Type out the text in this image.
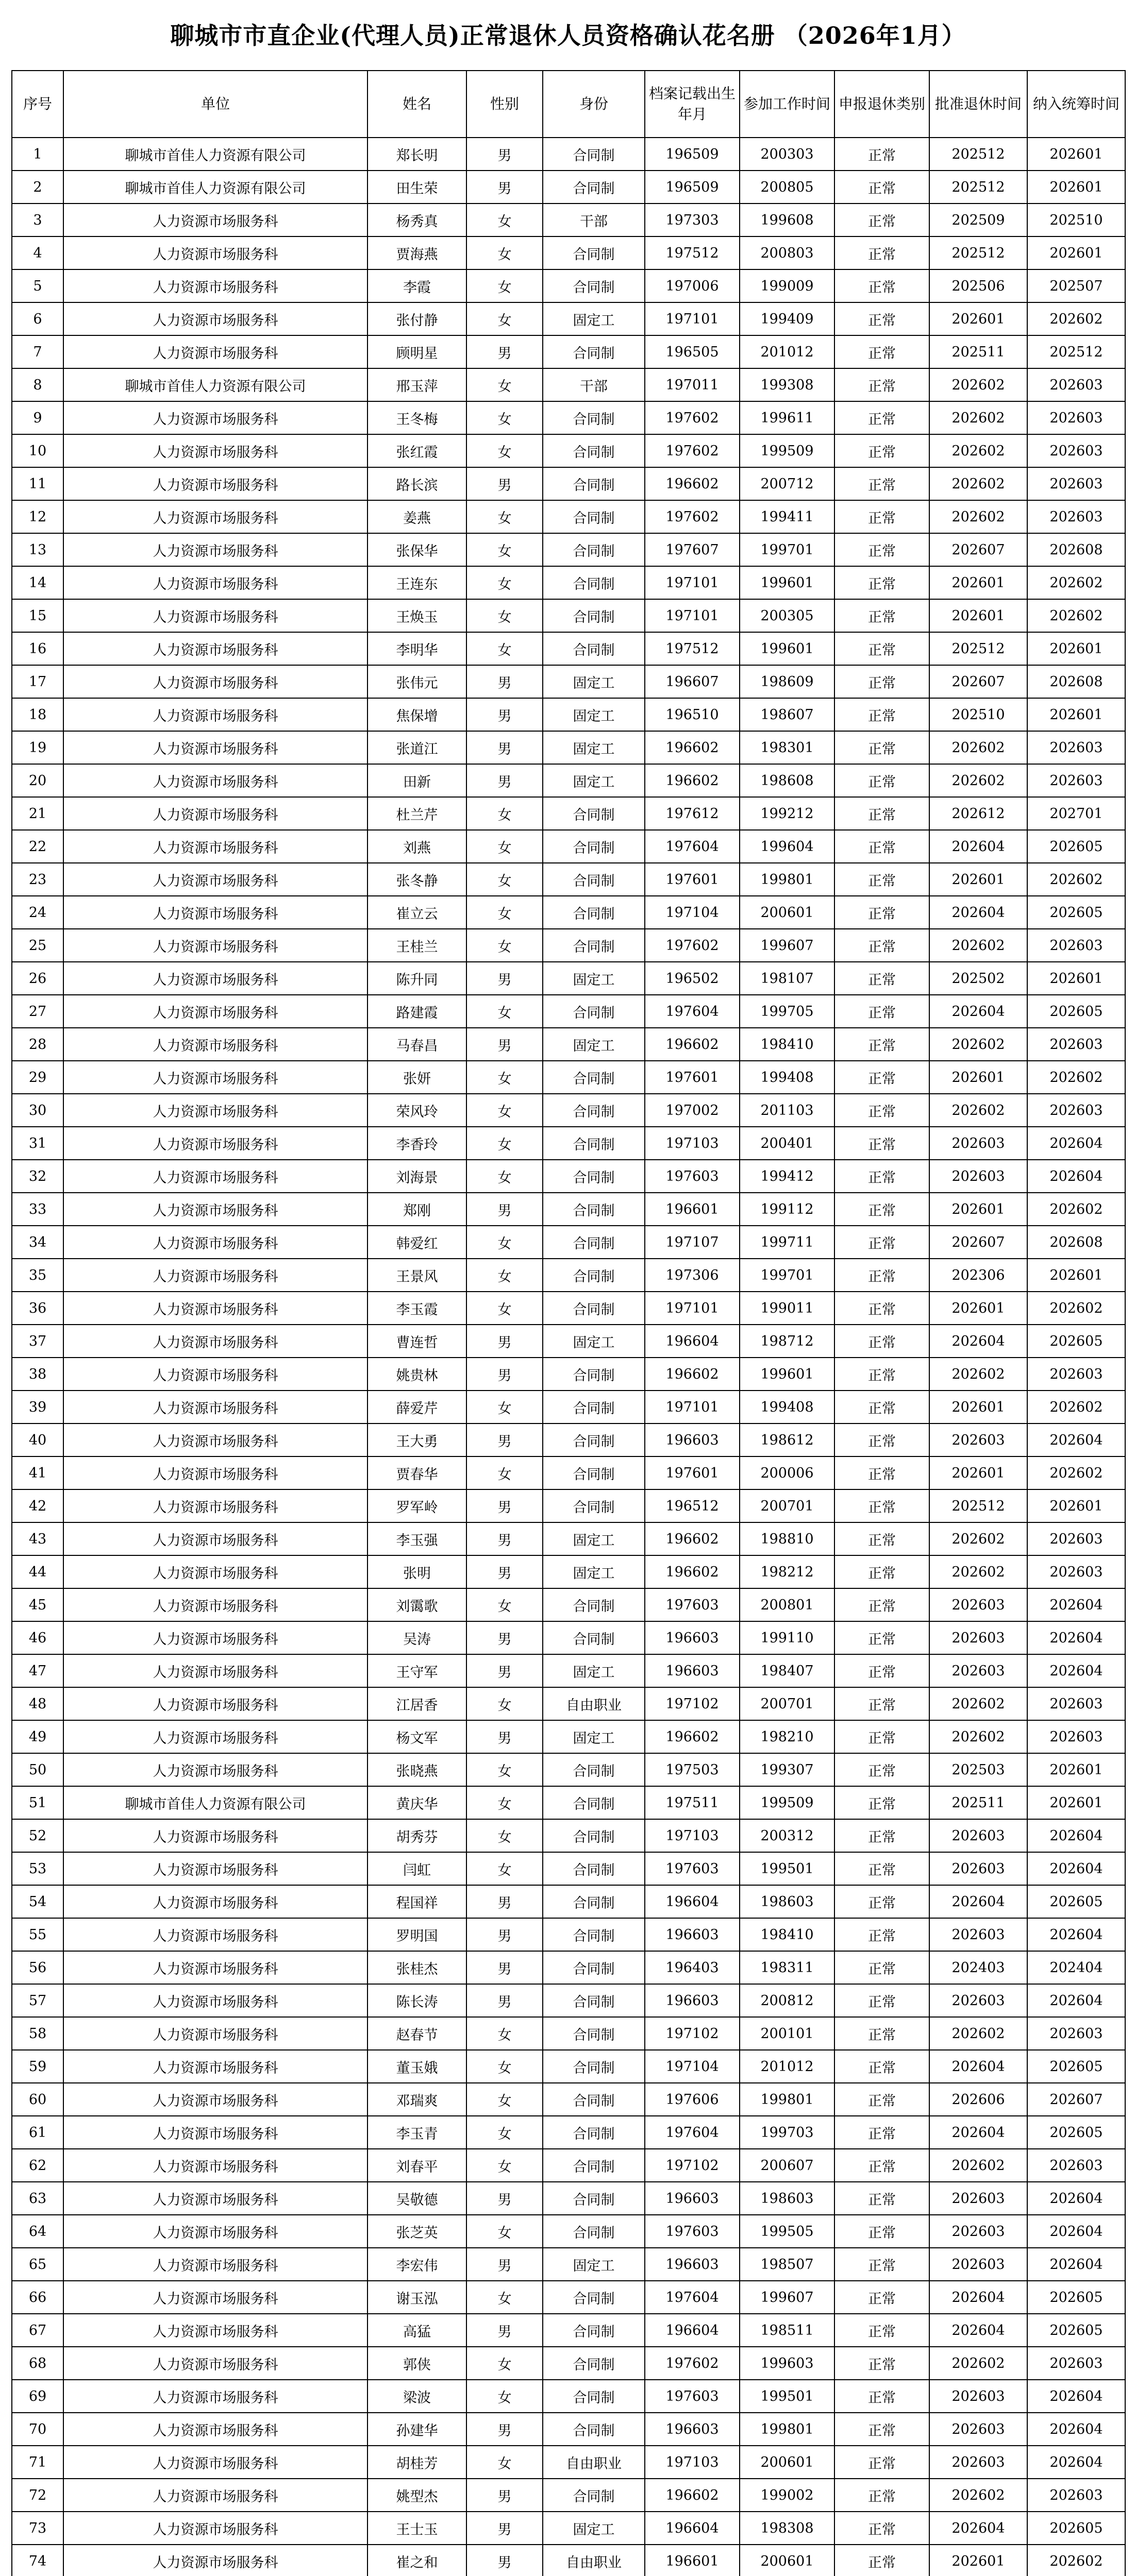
聊城市市直企业(代理人员)正常退休人员资格确认花名册 （2026年1月）
序号	单位	姓名	性别	身份	档案记载出生年月	参加工作时间	申报退休类别	批准退休时间	纳入统筹时间
1	聊城市首佳人力资源有限公司	郑长明	男	合同制	196509	200303	正常	202512	202601
2	聊城市首佳人力资源有限公司	田生荣	男	合同制	196509	200805	正常	202512	202601
3	人力资源市场服务科	杨秀真	女	干部	197303	199608	正常	202509	202510
4	人力资源市场服务科	贾海燕	女	合同制	197512	200803	正常	202512	202601
5	人力资源市场服务科	李霞	女	合同制	197006	199009	正常	202506	202507
6	人力资源市场服务科	张付静	女	固定工	197101	199409	正常	202601	202602
7	人力资源市场服务科	顾明星	男	合同制	196505	201012	正常	202511	202512
8	聊城市首佳人力资源有限公司	邢玉萍	女	干部	197011	199308	正常	202602	202603
9	人力资源市场服务科	王冬梅	女	合同制	197602	199611	正常	202602	202603
10	人力资源市场服务科	张红霞	女	合同制	197602	199509	正常	202602	202603
11	人力资源市场服务科	路长滨	男	合同制	196602	200712	正常	202602	202603
12	人力资源市场服务科	姜燕	女	合同制	197602	199411	正常	202602	202603
13	人力资源市场服务科	张保华	女	合同制	197607	199701	正常	202607	202608
14	人力资源市场服务科	王连东	女	合同制	197101	199601	正常	202601	202602
15	人力资源市场服务科	王焕玉	女	合同制	197101	200305	正常	202601	202602
16	人力资源市场服务科	李明华	女	合同制	197512	199601	正常	202512	202601
17	人力资源市场服务科	张伟元	男	固定工	196607	198609	正常	202607	202608
18	人力资源市场服务科	焦保增	男	固定工	196510	198607	正常	202510	202601
19	人力资源市场服务科	张道江	男	固定工	196602	198301	正常	202602	202603
20	人力资源市场服务科	田新	男	固定工	196602	198608	正常	202602	202603
21	人力资源市场服务科	杜兰芹	女	合同制	197612	199212	正常	202612	202701
22	人力资源市场服务科	刘燕	女	合同制	197604	199604	正常	202604	202605
23	人力资源市场服务科	张冬静	女	合同制	197601	199801	正常	202601	202602
24	人力资源市场服务科	崔立云	女	合同制	197104	200601	正常	202604	202605
25	人力资源市场服务科	王桂兰	女	合同制	197602	199607	正常	202602	202603
26	人力资源市场服务科	陈升同	男	固定工	196502	198107	正常	202502	202601
27	人力资源市场服务科	路建霞	女	合同制	197604	199705	正常	202604	202605
28	人力资源市场服务科	马春昌	男	固定工	196602	198410	正常	202602	202603
29	人力资源市场服务科	张妍	女	合同制	197601	199408	正常	202601	202602
30	人力资源市场服务科	荣风玲	女	合同制	197002	201103	正常	202602	202603
31	人力资源市场服务科	李香玲	女	合同制	197103	200401	正常	202603	202604
32	人力资源市场服务科	刘海景	女	合同制	197603	199412	正常	202603	202604
33	人力资源市场服务科	郑刚	男	合同制	196601	199112	正常	202601	202602
34	人力资源市场服务科	韩爱红	女	合同制	197107	199711	正常	202607	202608
35	人力资源市场服务科	王景风	女	合同制	197306	199701	正常	202306	202601
36	人力资源市场服务科	李玉霞	女	合同制	197101	199011	正常	202601	202602
37	人力资源市场服务科	曹连哲	男	固定工	196604	198712	正常	202604	202605
38	人力资源市场服务科	姚贵林	男	合同制	196602	199601	正常	202602	202603
39	人力资源市场服务科	薛爱芹	女	合同制	197101	199408	正常	202601	202602
40	人力资源市场服务科	王大勇	男	合同制	196603	198612	正常	202603	202604
41	人力资源市场服务科	贾春华	女	合同制	197601	200006	正常	202601	202602
42	人力资源市场服务科	罗军岭	男	合同制	196512	200701	正常	202512	202601
43	人力资源市场服务科	李玉强	男	固定工	196602	198810	正常	202602	202603
44	人力资源市场服务科	张明	男	固定工	196602	198212	正常	202602	202603
45	人力资源市场服务科	刘霭歌	女	合同制	197603	200801	正常	202603	202604
46	人力资源市场服务科	吴涛	男	合同制	196603	199110	正常	202603	202604
47	人力资源市场服务科	王守军	男	固定工	196603	198407	正常	202603	202604
48	人力资源市场服务科	江居香	女	自由职业	197102	200701	正常	202602	202603
49	人力资源市场服务科	杨文军	男	固定工	196602	198210	正常	202602	202603
50	人力资源市场服务科	张晓燕	女	合同制	197503	199307	正常	202503	202601
51	聊城市首佳人力资源有限公司	黄庆华	女	合同制	197511	199509	正常	202511	202601
52	人力资源市场服务科	胡秀芬	女	合同制	197103	200312	正常	202603	202604
53	人力资源市场服务科	闫虹	女	合同制	197603	199501	正常	202603	202604
54	人力资源市场服务科	程国祥	男	合同制	196604	198603	正常	202604	202605
55	人力资源市场服务科	罗明国	男	合同制	196603	198410	正常	202603	202604
56	人力资源市场服务科	张桂杰	男	合同制	196403	198311	正常	202403	202404
57	人力资源市场服务科	陈长涛	男	合同制	196603	200812	正常	202603	202604
58	人力资源市场服务科	赵春节	女	合同制	197102	200101	正常	202602	202603
59	人力资源市场服务科	董玉娥	女	合同制	197104	201012	正常	202604	202605
60	人力资源市场服务科	邓瑞爽	女	合同制	197606	199801	正常	202606	202607
61	人力资源市场服务科	李玉青	女	合同制	197604	199703	正常	202604	202605
62	人力资源市场服务科	刘春平	女	合同制	197102	200607	正常	202602	202603
63	人力资源市场服务科	吴敬德	男	合同制	196603	198603	正常	202603	202604
64	人力资源市场服务科	张芝英	女	合同制	197603	199505	正常	202603	202604
65	人力资源市场服务科	李宏伟	男	固定工	196603	198507	正常	202603	202604
66	人力资源市场服务科	谢玉泓	女	合同制	197604	199607	正常	202604	202605
67	人力资源市场服务科	高猛	男	合同制	196604	198511	正常	202604	202605
68	人力资源市场服务科	郭侠	女	合同制	197602	199603	正常	202602	202603
69	人力资源市场服务科	梁波	女	合同制	197603	199501	正常	202603	202604
70	人力资源市场服务科	孙建华	男	合同制	196603	199801	正常	202603	202604
71	人力资源市场服务科	胡桂芳	女	自由职业	197103	200601	正常	202603	202604
72	人力资源市场服务科	姚型杰	男	合同制	196602	199002	正常	202602	202603
73	人力资源市场服务科	王士玉	男	固定工	196604	198308	正常	202604	202605
74	人力资源市场服务科	崔之和	男	自由职业	196601	200601	正常	202601	202602
